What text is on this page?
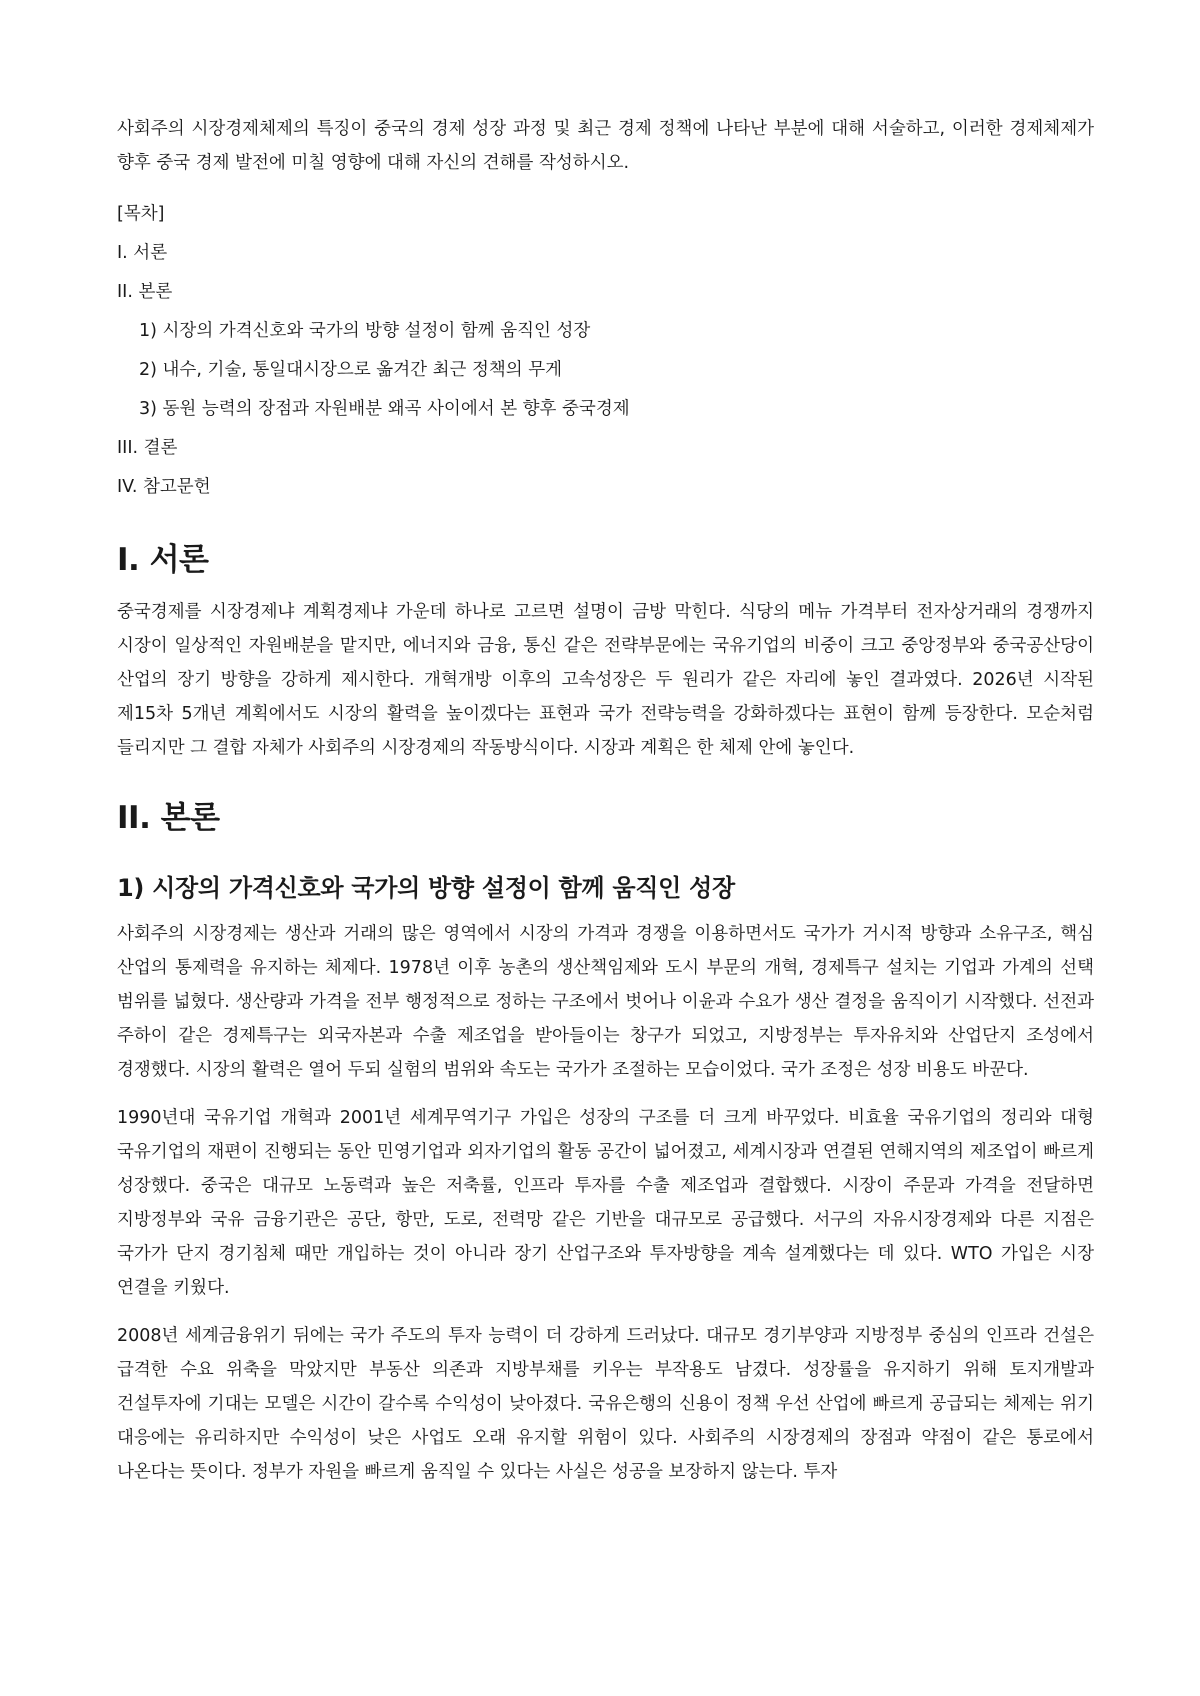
사회주의 시장경제체제의 특징이 중국의 경제 성장 과정 및 최근 경제 정책에 나타난 부분에 대해 서술하고, 이러한 경제체제가 향후 중국 경제 발전에 미칠 영향에 대해 자신의 견해를 작성하시오.

[목차]

I. 서론
II. 본론
1) 시장의 가격신호와 국가의 방향 설정이 함께 움직인 성장
2) 내수, 기술, 통일대시장으로 옮겨간 최근 정책의 무게
3) 동원 능력의 장점과 자원배분 왜곡 사이에서 본 향후 중국경제
III. 결론
IV. 참고문헌
I. 서론

중국경제를 시장경제냐 계획경제냐 가운데 하나로 고르면 설명이 금방 막힌다. 식당의 메뉴 가격부터 전자상거래의 경쟁까지 시장이 일상적인 자원배분을 맡지만, 에너지와 금융, 통신 같은 전략부문에는 국유기업의 비중이 크고 중앙정부와 중국공산당이 산업의 장기 방향을 강하게 제시한다. 개혁개방 이후의 고속성장은 두 원리가 같은 자리에 놓인 결과였다. 2026년 시작된 제15차 5개년 계획에서도 시장의 활력을 높이겠다는 표현과 국가 전략능력을 강화하겠다는 표현이 함께 등장한다. 모순처럼 들리지만 그 결합 자체가 사회주의 시장경제의 작동방식이다. 시장과 계획은 한 체제 안에 놓인다.

II. 본론
1) 시장의 가격신호와 국가의 방향 설정이 함께 움직인 성장

사회주의 시장경제는 생산과 거래의 많은 영역에서 시장의 가격과 경쟁을 이용하면서도 국가가 거시적 방향과 소유구조, 핵심 산업의 통제력을 유지하는 체제다. 1978년 이후 농촌의 생산책임제와 도시 부문의 개혁, 경제특구 설치는 기업과 가계의 선택 범위를 넓혔다. 생산량과 가격을 전부 행정적으로 정하는 구조에서 벗어나 이윤과 수요가 생산 결정을 움직이기 시작했다. 선전과 주하이 같은 경제특구는 외국자본과 수출 제조업을 받아들이는 창구가 되었고, 지방정부는 투자유치와 산업단지 조성에서 경쟁했다. 시장의 활력은 열어 두되 실험의 범위와 속도는 국가가 조절하는 모습이었다. 국가 조정은 성장 비용도 바꾼다.

1990년대 국유기업 개혁과 2001년 세계무역기구 가입은 성장의 구조를 더 크게 바꾸었다. 비효율 국유기업의 정리와 대형 국유기업의 재편이 진행되는 동안 민영기업과 외자기업의 활동 공간이 넓어졌고, 세계시장과 연결된 연해지역의 제조업이 빠르게 성장했다. 중국은 대규모 노동력과 높은 저축률, 인프라 투자를 수출 제조업과 결합했다. 시장이 주문과 가격을 전달하면 지방정부와 국유 금융기관은 공단, 항만, 도로, 전력망 같은 기반을 대규모로 공급했다. 서구의 자유시장경제와 다른 지점은 국가가 단지 경기침체 때만 개입하는 것이 아니라 장기 산업구조와 투자방향을 계속 설계했다는 데 있다. WTO 가입은 시장 연결을 키웠다.

2008년 세계금융위기 뒤에는 국가 주도의 투자 능력이 더 강하게 드러났다. 대규모 경기부양과 지방정부 중심의 인프라 건설은 급격한 수요 위축을 막았지만 부동산 의존과 지방부채를 키우는 부작용도 남겼다. 성장률을 유지하기 위해 토지개발과 건설투자에 기대는 모델은 시간이 갈수록 수익성이 낮아졌다. 국유은행의 신용이 정책 우선 산업에 빠르게 공급되는 체제는 위기 대응에는 유리하지만 수익성이 낮은 사업도 오래 유지할 위험이 있다. 사회주의 시장경제의 장점과 약점이 같은 통로에서 나온다는 뜻이다. 정부가 자원을 빠르게 움직일 수 있다는 사실은 성공을 보장하지 않는다. 투자
